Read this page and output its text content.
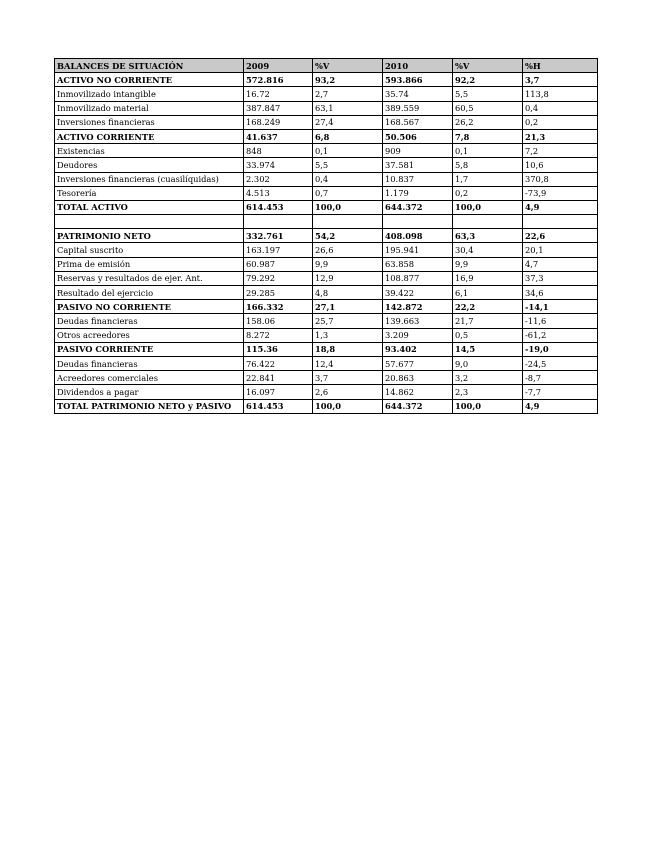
BALANCES DE SITUACIÓN	2009	%V	2010	%V	%H
ACTIVO NO CORRIENTE	572.816	93,2	593.866	92,2	3,7
Inmovilizado intangible	16.72	2,7	35.74	5,5	113,8
Inmovilizado material	387.847	63,1	389.559	60,5	0,4
Inversiones financieras	168.249	27,4	168.567	26,2	0,2
ACTIVO CORRIENTE	41.637	6,8	50.506	7,8	21,3
Existencias	848	0,1	909	0,1	7,2
Deudores	33.974	5,5	37.581	5,8	10,6
Inversiones financieras (cuasilíquidas)	2.302	0,4	10.837	1,7	370,8
Tesorería	4.513	0,7	1.179	0,2	-73,9
TOTAL ACTIVO	614.453	100,0	644.372	100,0	4,9

PATRIMONIO NETO	332.761	54,2	408.098	63,3	22,6
Capital suscrito	163.197	26,6	195.941	30,4	20,1
Prima de emisión	60.987	9,9	63.858	9,9	4,7
Reservas y resultados de ejer. Ant.	79.292	12,9	108.877	16,9	37,3
Resultado del ejercicio	29.285	4,8	39.422	6,1	34,6
PASIVO NO CORRIENTE	166.332	27,1	142.872	22,2	-14,1
Deudas financieras	158.06	25,7	139.663	21,7	-11,6
Otros acreedores	8.272	1,3	3.209	0,5	-61,2
PASIVO CORRIENTE	115.36	18,8	93.402	14,5	-19,0
Deudas financieras	76.422	12,4	57.677	9,0	-24,5
Acreedores comerciales	22.841	3,7	20.863	3,2	-8,7
Dividendos a pagar	16.097	2,6	14.862	2,3	-7,7
TOTAL PATRIMONIO NETO y PASIVO	614.453	100,0	644.372	100,0	4,9
